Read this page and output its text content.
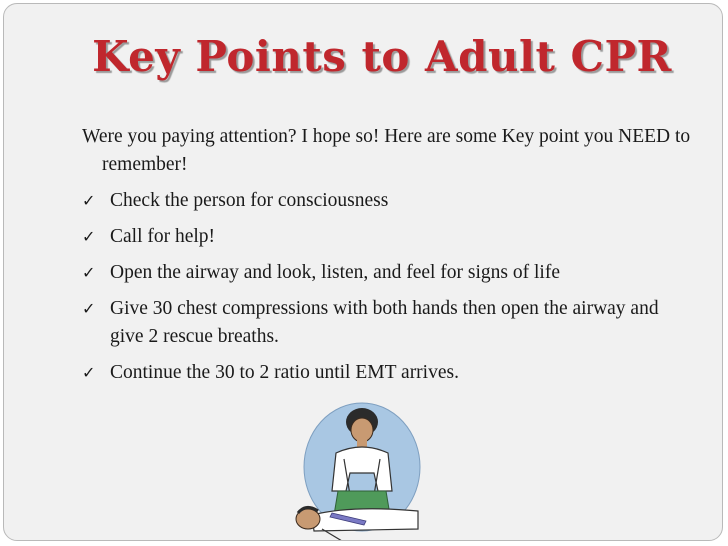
Key Points to Adult CPR
Were you paying attention? I hope so! Here are some Key point you NEED to remember!
✓ Check the person for consciousness
✓ Call for help!
✓ Open the airway and look, listen, and feel for signs of life
✓ Give 30 chest compressions with both hands then open the airway and give 2 rescue breaths.
✓ Continue the 30 to 2 ratio until EMT arrives.
